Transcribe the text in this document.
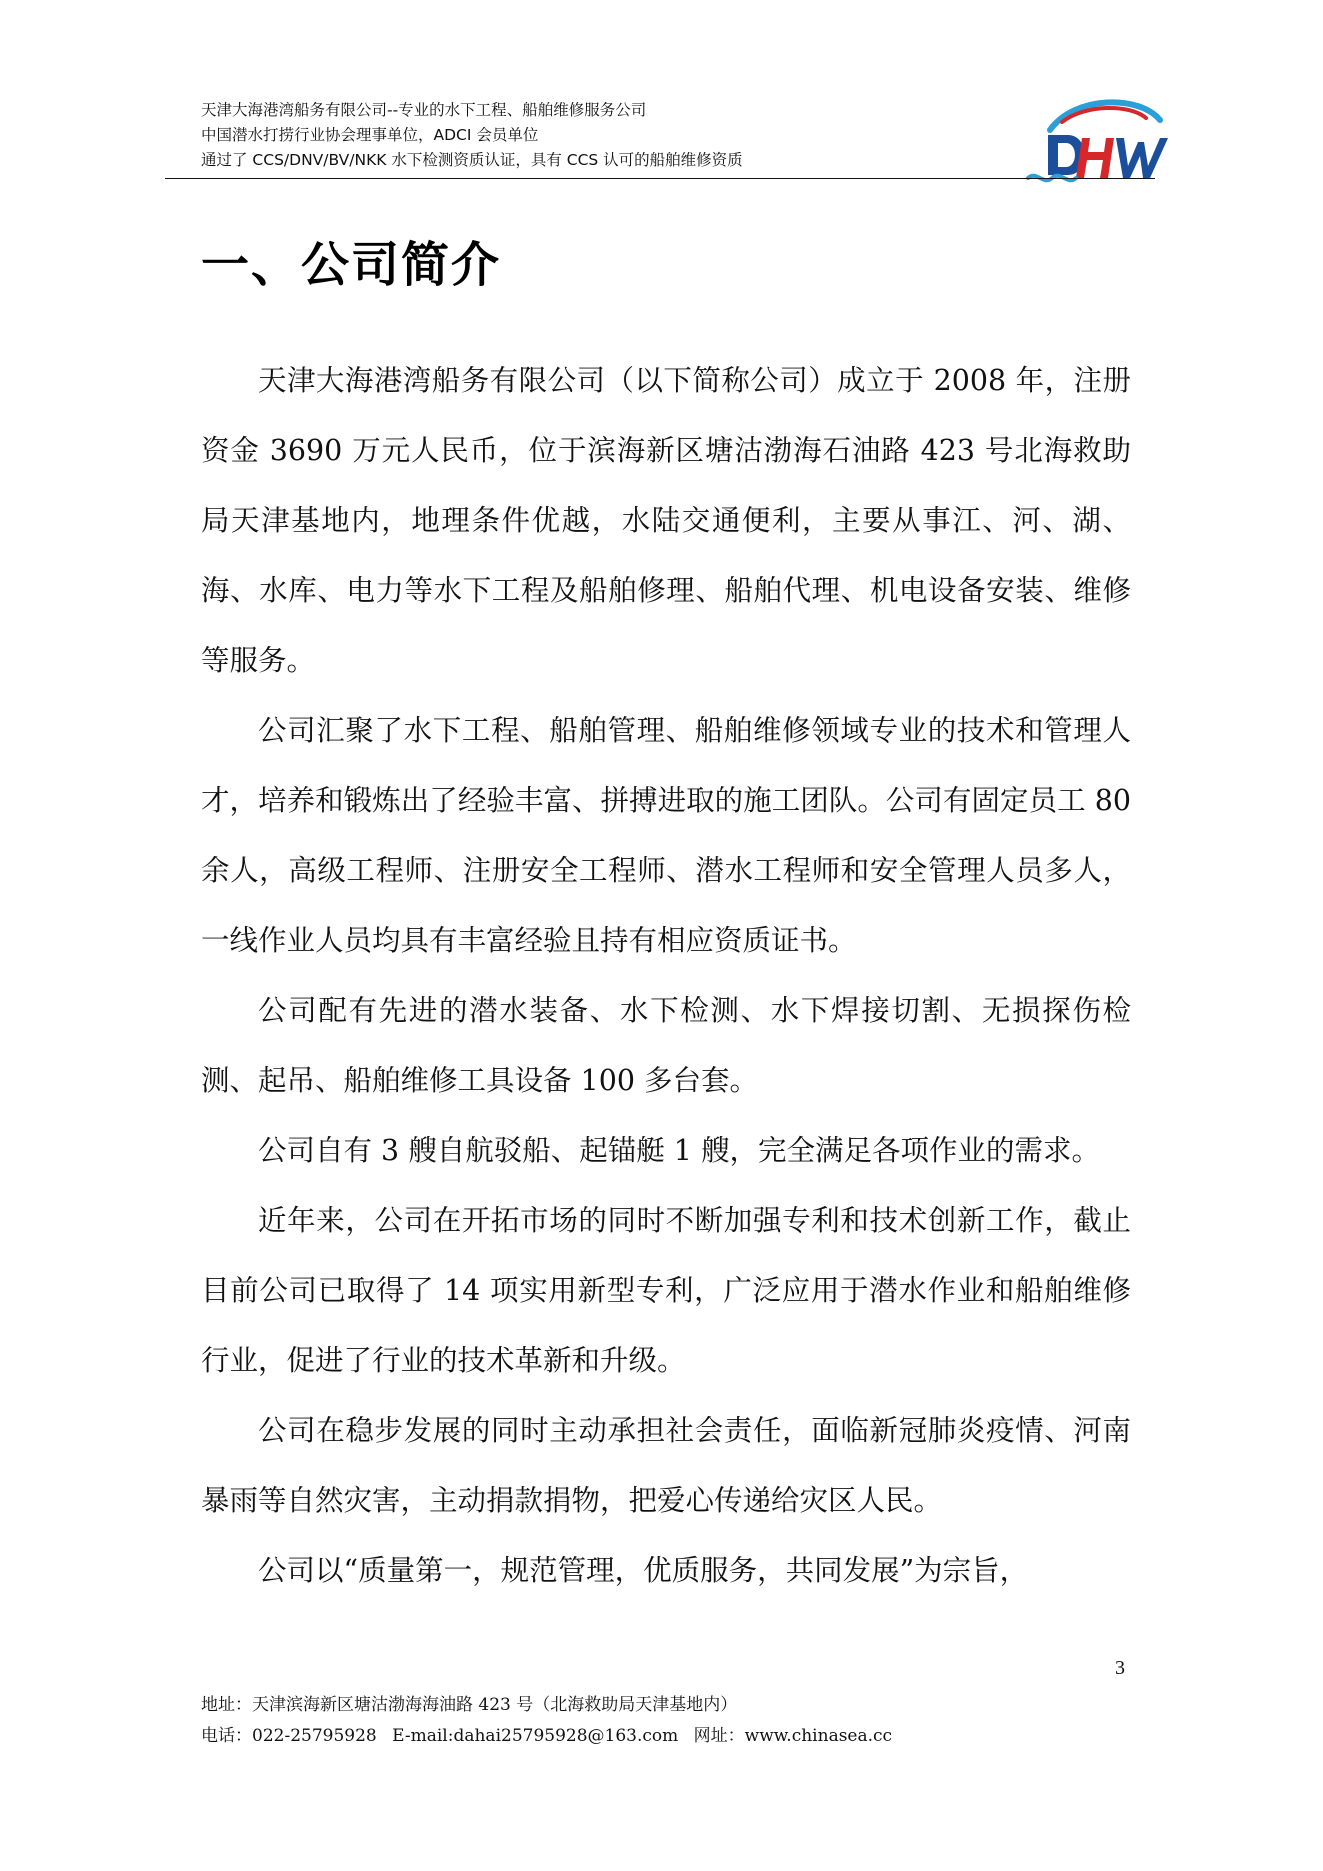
天津大海港湾船务有限公司--专业的水下工程、船舶维修服务公司
中国潜水打捞行业协会理事单位，ADCI 会员单位
通过了 CCS/DNV/BV/NKK 水下检测资质认证，具有 CCS 认可的船舶维修资质
一、公司简介

天津大海港湾船务有限公司（以下简称公司）成立于 2008 年，注册资金 3690 万元人民币，位于滨海新区塘沽渤海石油路 423 号北海救助局天津基地内，地理条件优越，水陆交通便利，主要从事江、河、湖、海、水库、电力等水下工程及船舶修理、船舶代理、机电设备安装、维修等服务。

公司汇聚了水下工程、船舶管理、船舶维修领域专业的技术和管理人才，培养和锻炼出了经验丰富、拼搏进取的施工团队。公司有固定员工 80 余人，高级工程师、注册安全工程师、潜水工程师和安全管理人员多人，一线作业人员均具有丰富经验且持有相应资质证书。

公司配有先进的潜水装备、水下检测、水下焊接切割、无损探伤检测、起吊、船舶维修工具设备 100 多台套。

公司自有 3 艘自航驳船、起锚艇 1 艘，完全满足各项作业的需求。

近年来，公司在开拓市场的同时不断加强专利和技术创新工作，截止目前公司已取得了 14 项实用新型专利，广泛应用于潜水作业和船舶维修行业，促进了行业的技术革新和升级。

公司在稳步发展的同时主动承担社会责任，面临新冠肺炎疫情、河南暴雨等自然灾害，主动捐款捐物，把爱心传递给灾区人民。

公司以“质量第一，规范管理，优质服务，共同发展”为宗旨，

3
地址：天津滨海新区塘沽渤海海油路 423 号（北海救助局天津基地内）
电话：022-25795928 E-mail:dahai25795928@163.com 网址：www.chinasea.cc
